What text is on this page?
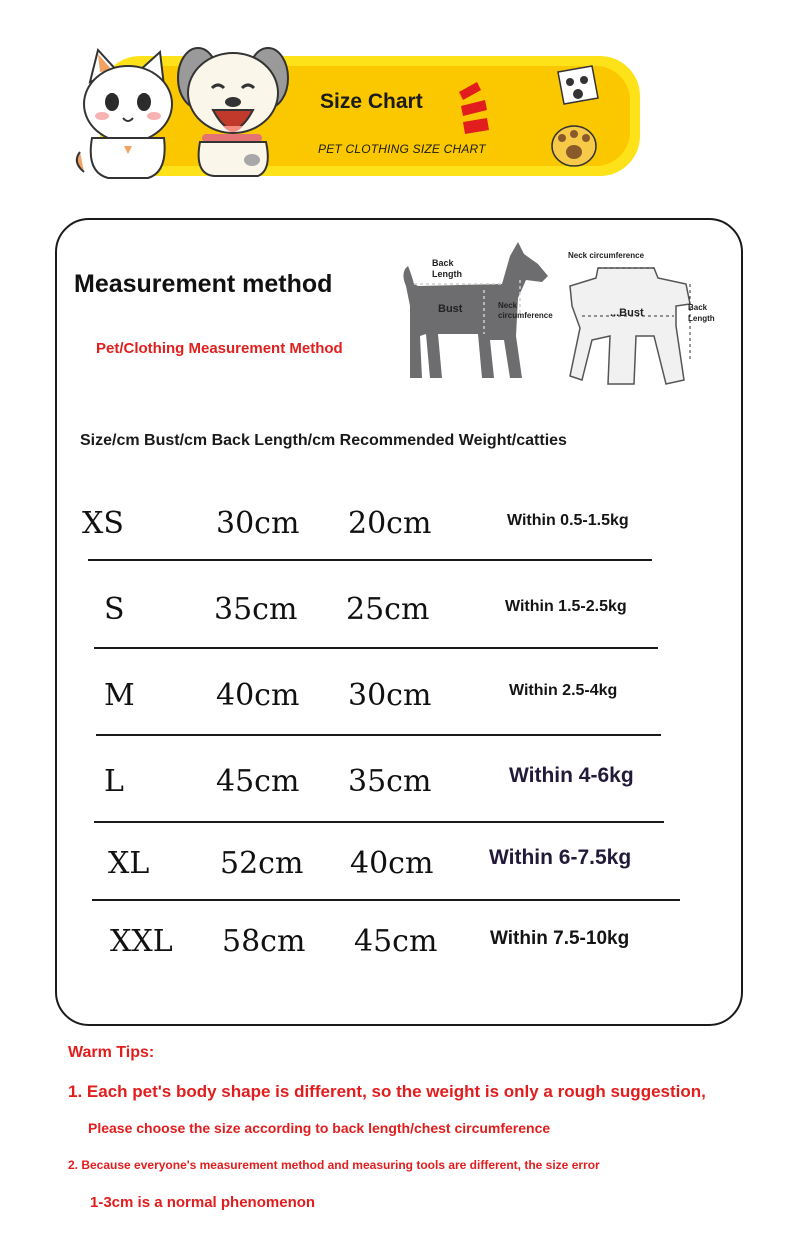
Size Chart
PET CLOTHING SIZE CHART
Measurement method
Pet/Clothing Measurement Method
Back
Length
Bust	Neck
circumference
Neck circumference
...Bust	Back
Length
Size/cm Bust/cm Back Length/cm Recommended Weight/catties
XS	30cm 20cm	Within 0.5-1.5kg
S	35cm 25cm	Within 1.5-2.5kg
M	40cm 30cm	Within 2.5-4kg
L	45cm 35cm	Within 4-6kg
XL 52cm 40cm	Within 6-7.5kg
XXL 58cm 45cm	Within 7.5-10kg
Warm Tips:
1. Each pet's body shape is different, so the weight is only a rough suggestion,
Please choose the size according to back length/chest circumference
2. Because everyone's measurement method and measuring tools are different, the size error
1-3cm is a normal phenomenon
